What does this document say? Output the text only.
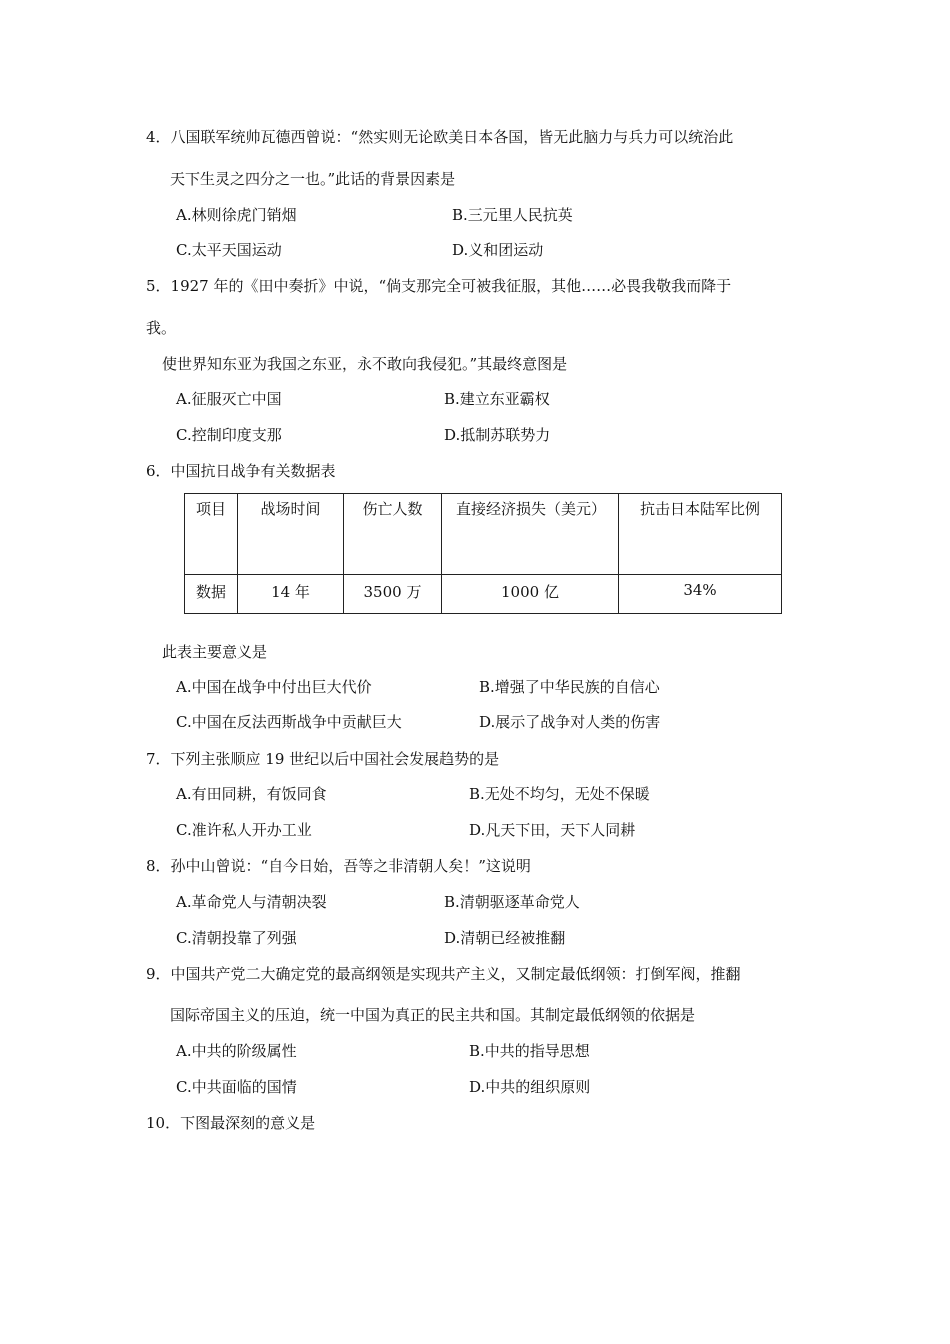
4．八国联军统帅瓦德西曾说：“然实则无论欧美日本各国，皆无此脑力与兵力可以统治此
天下生灵之四分之一也。”此话的背景因素是
A.林则徐虎门销烟	B.三元里人民抗英
C.太平天国运动	D.义和团运动
5．1927 年的《田中奏折》中说，“倘支那完全可被我征服，其他……必畏我敬我而降于
我。
使世界知东亚为我国之东亚，永不敢向我侵犯。”其最终意图是
A.征服灭亡中国	B.建立东亚霸权
C.控制印度支那	D.抵制苏联势力
6．中国抗日战争有关数据表
项目	战场时间	伤亡人数	直接经济损失（美元）	抗击日本陆军比例

数据	14 年	3500 万	1000 亿	34%
此表主要意义是
A.中国在战争中付出巨大代价	B.增强了中华民族的自信心
C.中国在反法西斯战争中贡献巨大	D.展示了战争对人类的伤害
7．下列主张顺应 19 世纪以后中国社会发展趋势的是
A.有田同耕，有饭同食	B.无处不均匀，无处不保暖
C.准许私人开办工业	D.凡天下田，天下人同耕
8．孙中山曾说：“自今日始，吾等之非清朝人矣！”这说明
A.革命党人与清朝决裂	B.清朝驱逐革命党人
C.清朝投靠了列强	D.清朝已经被推翻
9．中国共产党二大确定党的最高纲领是实现共产主义，又制定最低纲领：打倒军阀，推翻
国际帝国主义的压迫，统一中国为真正的民主共和国。其制定最低纲领的依据是
A.中共的阶级属性	B.中共的指导思想
C.中共面临的国情	D.中共的组织原则
10．下图最深刻的意义是
